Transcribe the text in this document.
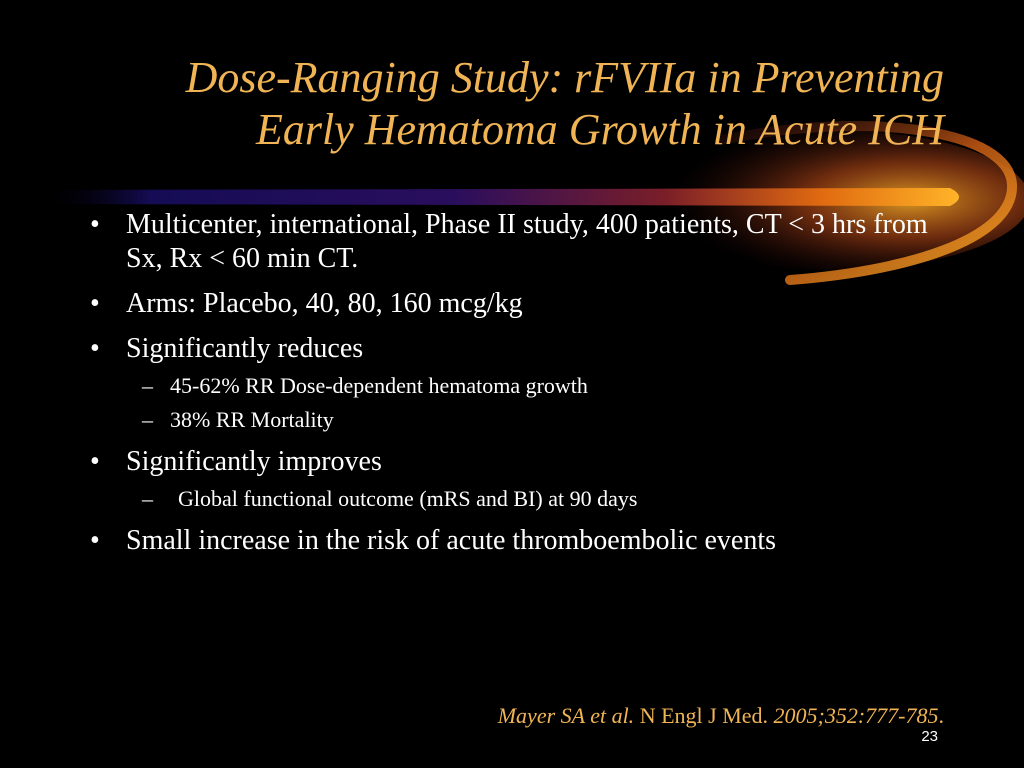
Dose-Ranging Study: rFVIIa in Preventing
Early Hematoma Growth in Acute ICH
• Multicenter, international, Phase II study, 400 patients, CT < 3 hrs from Sx, Rx < 60 min CT.
• Arms: Placebo, 40, 80, 160 mcg/kg
• Significantly reduces
– 45-62% RR Dose-dependent hematoma growth
– 38% RR Mortality
• Significantly improves
– Global functional outcome (mRS and BI) at 90 days
• Small increase in the risk of acute thromboembolic events
Mayer SA et al. N Engl J Med. 2005;352:777-785.
23
